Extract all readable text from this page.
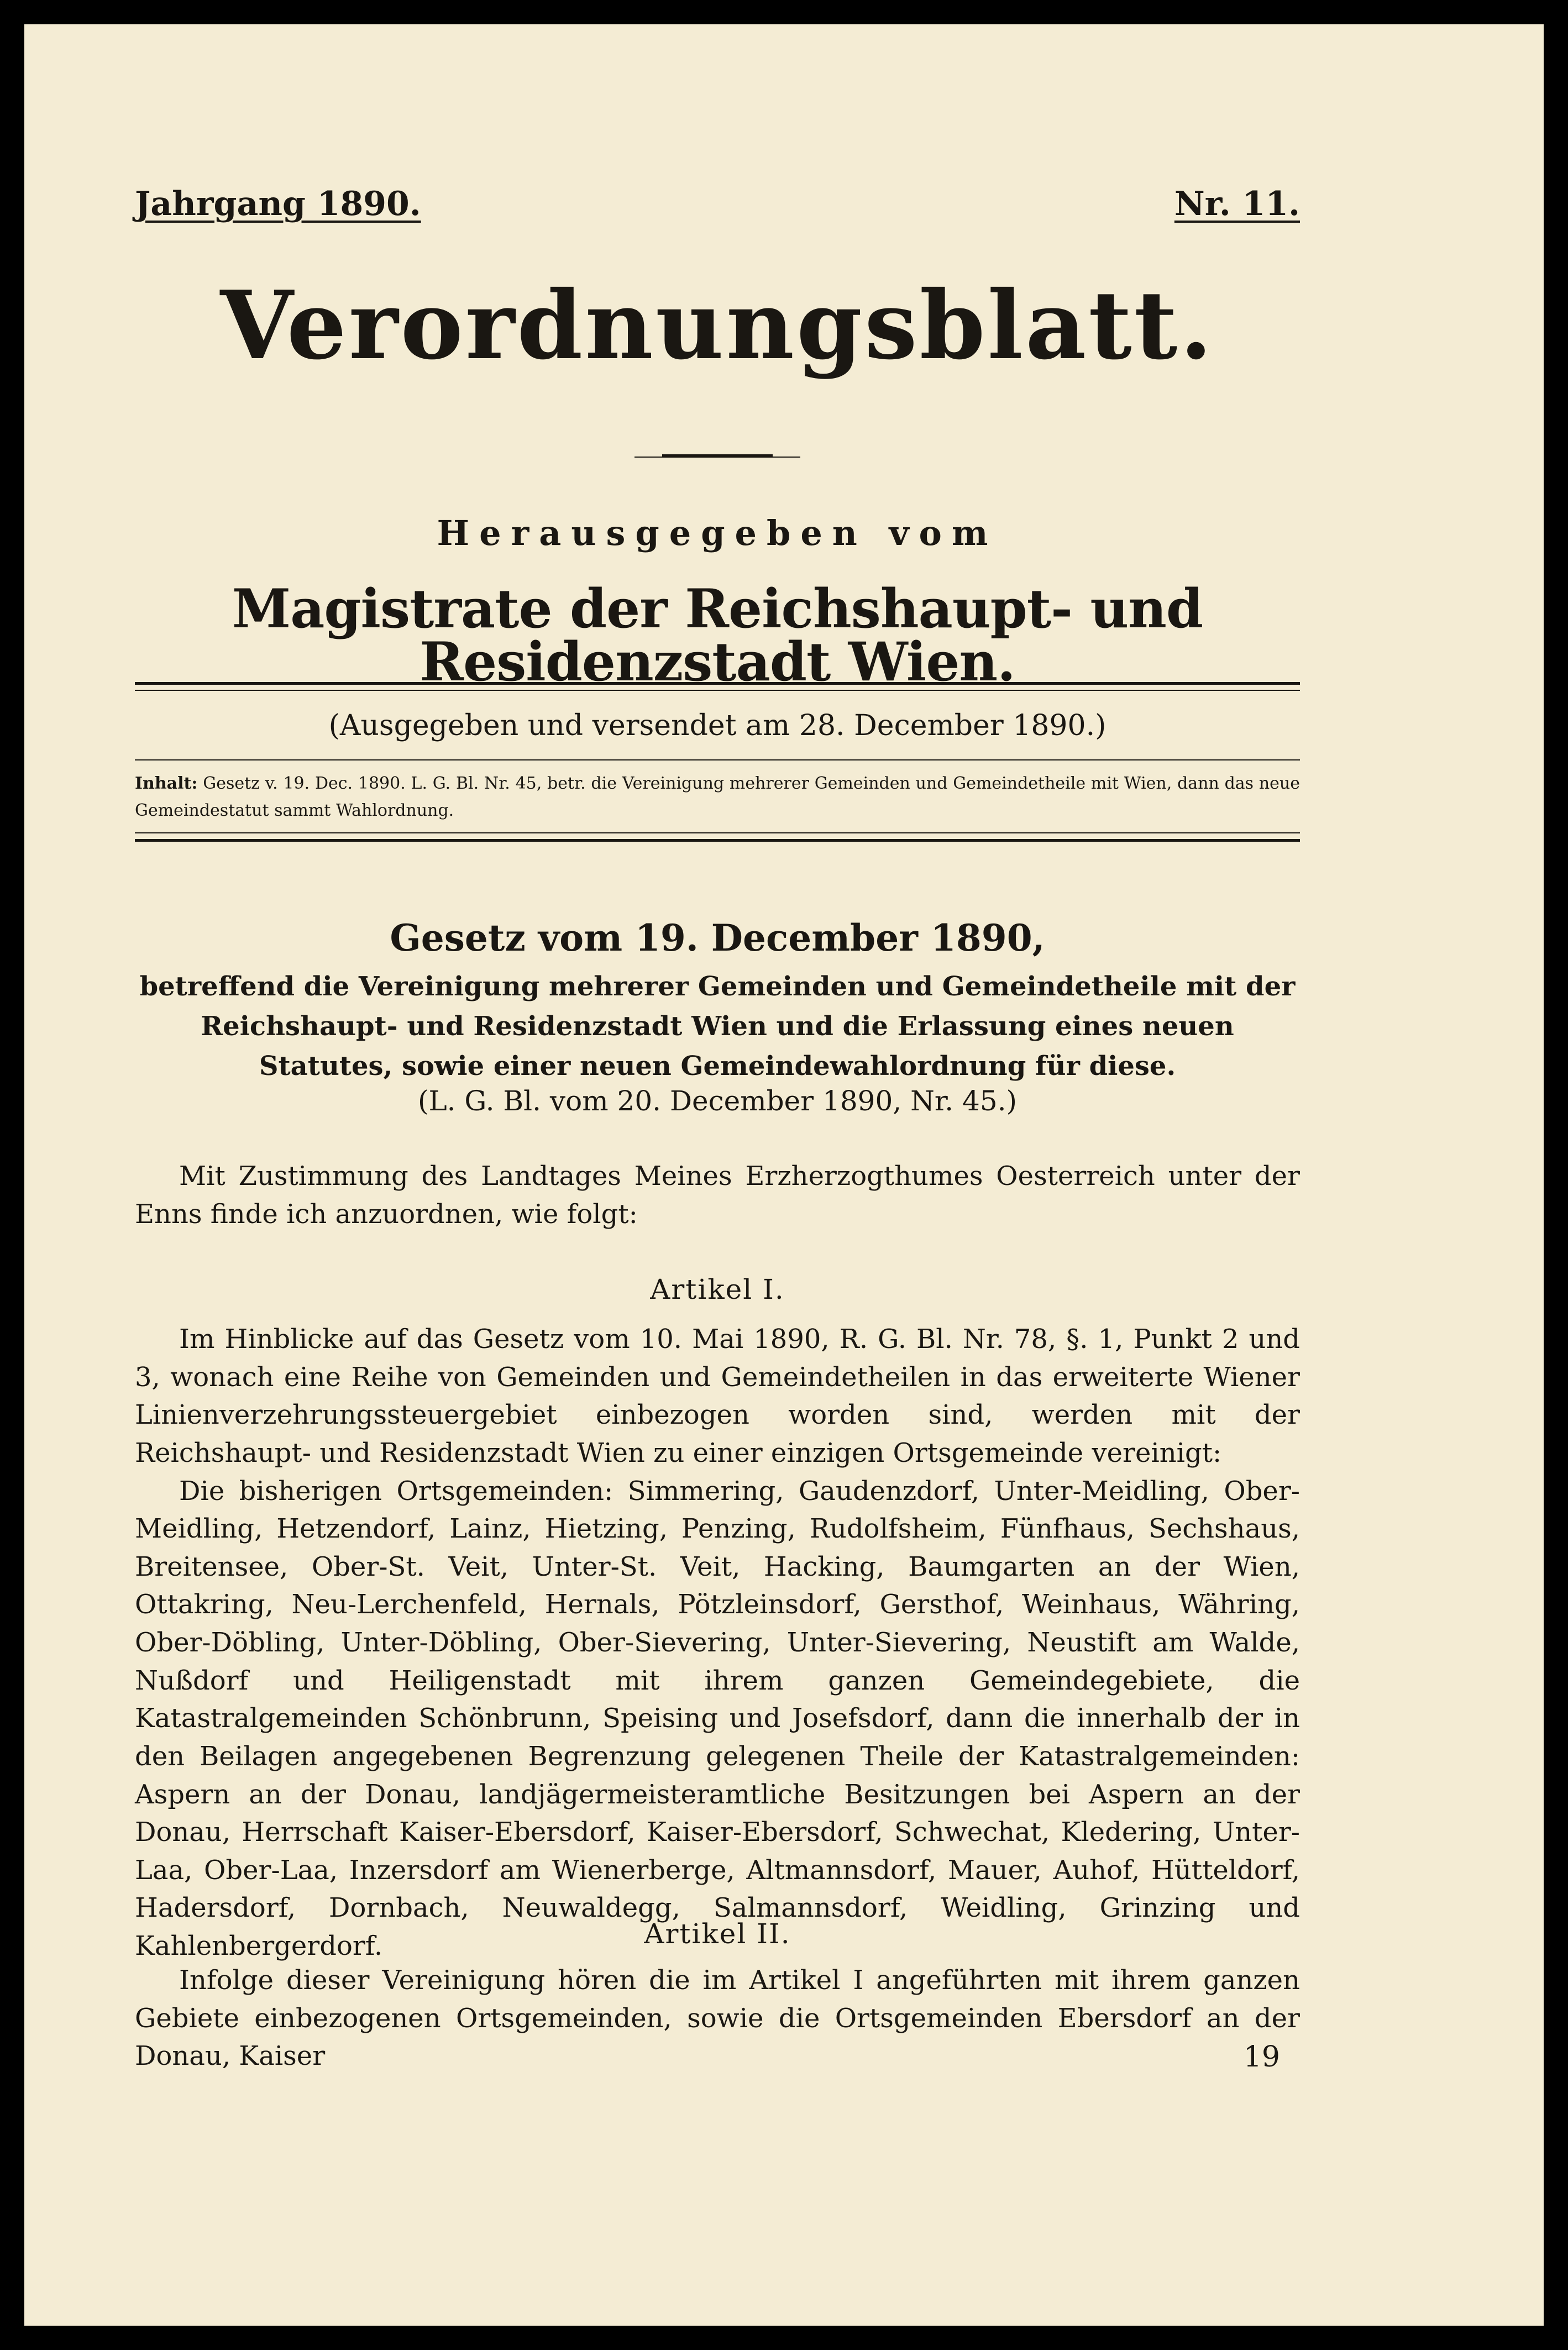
Jahrgang 1890.	Nr. 11.
Verordnungsblatt.
Herausgegeben vom
Magistrate der Reichshaupt- und Residenzstadt Wien.
(Ausgegeben und versendet am 28. December 1890.)
Inhalt: Gesetz v. 19. Dec. 1890. L. G. Bl. Nr. 45, betr. die Vereinigung mehrerer Gemeinden und Gemeindetheile mit Wien, dann das neue Gemeindestatut sammt Wahlordnung.
Gesetz vom 19. December 1890,
betreffend die Vereinigung mehrerer Gemeinden und Gemeindetheile mit der Reichshaupt- und Residenzstadt Wien und die Erlassung eines neuen Statutes, sowie einer neuen Gemeindewahlordnung für diese.
(L. G. Bl. vom 20. December 1890, Nr. 45.)

Mit Zustimmung des Landtages Meines Erzherzogthumes Oesterreich unter der Enns finde ich anzuordnen, wie folgt:

Artikel I.

Im Hinblicke auf das Gesetz vom 10. Mai 1890, R. G. Bl. Nr. 78, §. 1, Punkt 2 und 3, wonach eine Reihe von Gemeinden und Gemeindetheilen in das erweiterte Wiener Linienverzehrungssteuergebiet einbezogen worden sind, werden mit der Reichshaupt- und Residenzstadt Wien zu einer einzigen Ortsgemeinde vereinigt:

Die bisherigen Ortsgemeinden: Simmering, Gaudenzdorf, Unter-Meidling, Ober-Meidling, Hetzendorf, Lainz, Hietzing, Penzing, Rudolfsheim, Fünfhaus, Sechshaus, Breitensee, Ober-St. Veit, Unter-St. Veit, Hacking, Baumgarten an der Wien, Ottakring, Neu-Lerchenfeld, Hernals, Pötzleinsdorf, Gersthof, Weinhaus, Währing, Ober-Döbling, Unter-Döbling, Ober-Sievering, Unter-Sievering, Neustift am Walde, Nußdorf und Heiligenstadt mit ihrem ganzen Gemeindegebiete, die Katastralgemeinden Schönbrunn, Speising und Josefsdorf, dann die innerhalb der in den Beilagen angegebenen Begrenzung gelegenen Theile der Katastralgemeinden: Aspern an der Donau, landjägermeisteramtliche Besitzungen bei Aspern an der Donau, Herrschaft Kaiser-Ebersdorf, Kaiser-Ebersdorf, Schwechat, Kledering, Unter-Laa, Ober-Laa, Inzersdorf am Wienerberge, Altmannsdorf, Mauer, Auhof, Hütteldorf, Hadersdorf, Dornbach, Neuwaldegg, Salmannsdorf, Weidling, Grinzing und Kahlenbergerdorf.	Artikel II.

Infolge dieser Vereinigung hören die im Artikel I angeführten mit ihrem ganzen Gebiete einbezogenen Ortsgemeinden, sowie die Ortsgemeinden Ebersdorf an der Donau, Kaiser	19
